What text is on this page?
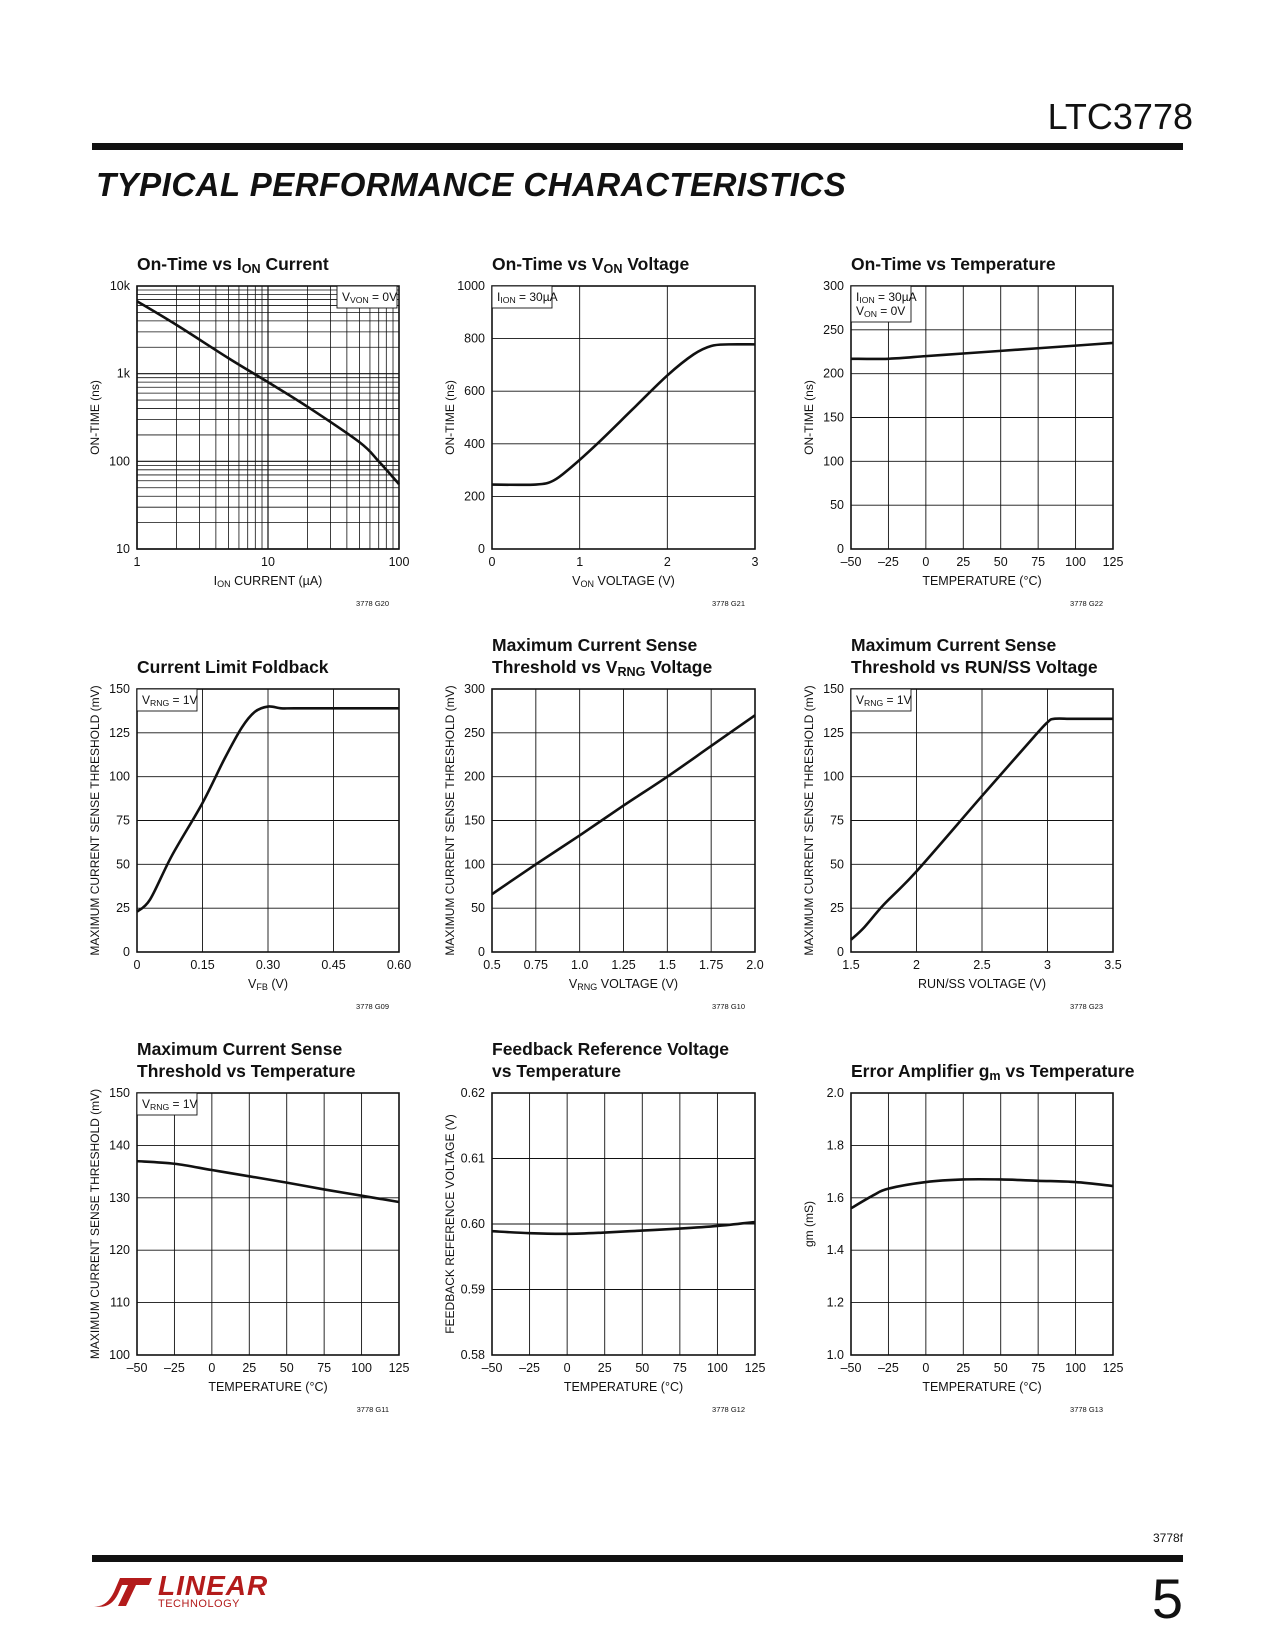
LTC3778
TYPICAL PERFORMANCE CHARACTERISTICS
1	10	100
10
100
1k
10k
ION CURRENT (µA)
ON-TIME (ns)
On-Time vs ION Current
VVON = 0V
3778 G20
0	1	2	3
0
200
400
600
800
1000
VON VOLTAGE (V)
ON-TIME (ns)
On-Time vs VON Voltage
IION = 30µA
3778 G21
–50 –25 0 25 50 75 100 125
0
50
100
150
200
250
300
TEMPERATURE (°C)
ON-TIME (ns)
On-Time vs Temperature
IION = 30µA
VON = 0V
3778 G22
0	0.15	0.30	0.45	0.60
0
25
50
75
100
125
150
VFB (V)
MAXIMUM CURRENT SENSE THRESHOLD (mV)
Current Limit Foldback
VRNG = 1V
3778 G09
0.5 0.75 1.0 1.25 1.5 1.75 2.0
0
50
100
150
200
250
300
VRNG VOLTAGE (V)
MAXIMUM CURRENT SENSE THRESHOLD (mV)
Maximum Current Sense
Threshold vs VRNG Voltage
3778 G10
1.5	2	2.5	3	3.5
0
25
50
75
100
125
150
RUN/SS VOLTAGE (V)
MAXIMUM CURRENT SENSE THRESHOLD (mV)
Maximum Current Sense
Threshold vs RUN/SS Voltage
VRNG = 1V
3778 G23
–50 –25 0 25 50 75 100 125
100
110
120
130
140
150
TEMPERATURE (°C)
MAXIMUM CURRENT SENSE THRESHOLD (mV)
Maximum Current Sense
Threshold vs Temperature
VRNG = 1V
3778 G11
–50 –25 0 25 50 75 100 125
0.58
0.59
0.60
0.61
0.62
TEMPERATURE (°C)
FEEDBACK REFERENCE VOLTAGE (V)
Feedback Reference Voltage
vs Temperature
3778 G12
–50 –25 0 25 50 75 100 125
1.0
1.2
1.4
1.6
1.8
2.0
TEMPERATURE (°C)
gm (mS)
Error Amplifier gm vs Temperature
3778 G13
3778f
LINEAR
TECHNOLOGY	5
